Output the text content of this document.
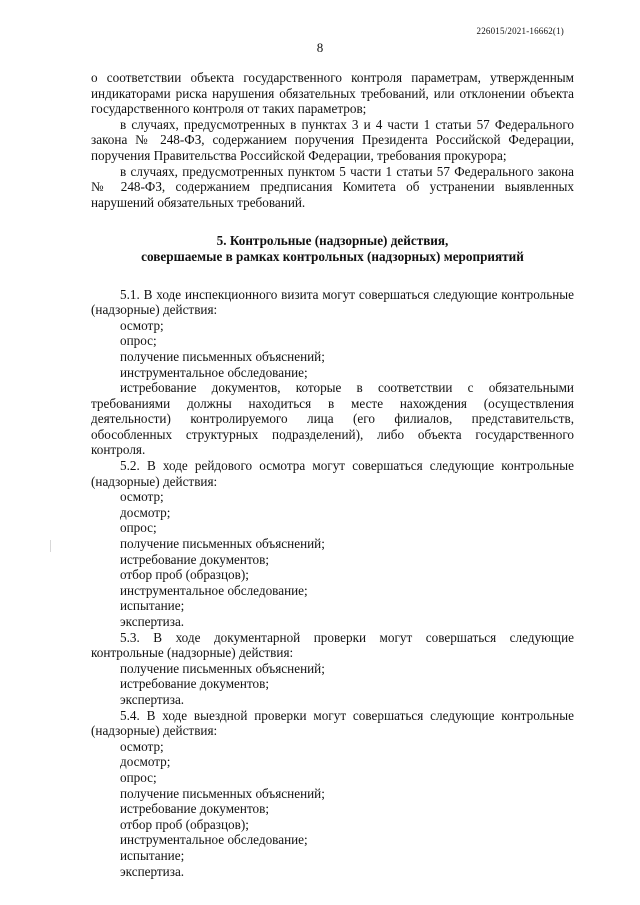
226015/2021-16662(1)
8

о соответствии объекта государственного контроля параметрам, утвержденным индикаторами риска нарушения обязательных требований, или отклонении объекта государственного контроля от таких параметров;

в случаях, предусмотренных в пунктах 3 и 4 части 1 статьи 57 Федерального закона № 248-ФЗ, содержанием поручения Президента Российской Федерации, поручения Правительства Российской Федерации, требования прокурора;

в случаях, предусмотренных пунктом 5 части 1 статьи 57 Федерального закона № 248-ФЗ, содержанием предписания Комитета об устранении выявленных нарушений обязательных требований.

5. Контрольные (надзорные) действия,
совершаемые в рамках контрольных (надзорных) мероприятий

5.1. В ходе инспекционного визита могут совершаться следующие контрольные (надзорные) действия:

осмотр;

опрос;

получение письменных объяснений;

инструментальное обследование;

истребование документов, которые в соответствии с обязательными требованиями должны находиться в месте нахождения (осуществления деятельности) контролируемого лица (его филиалов, представительств, обособленных структурных подразделений), либо объекта государственного контроля.

5.2. В ходе рейдового осмотра могут совершаться следующие контрольные (надзорные) действия:

осмотр;

досмотр;

опрос;

получение письменных объяснений;

истребование документов;

отбор проб (образцов);

инструментальное обследование;

испытание;

экспертиза.

5.3. В ходе документарной проверки могут совершаться следующие контрольные (надзорные) действия:

получение письменных объяснений;

истребование документов;

экспертиза.

5.4. В ходе выездной проверки могут совершаться следующие контрольные (надзорные) действия:

осмотр;

досмотр;

опрос;

получение письменных объяснений;

истребование документов;

отбор проб (образцов);

инструментальное обследование;

испытание;

экспертиза.
